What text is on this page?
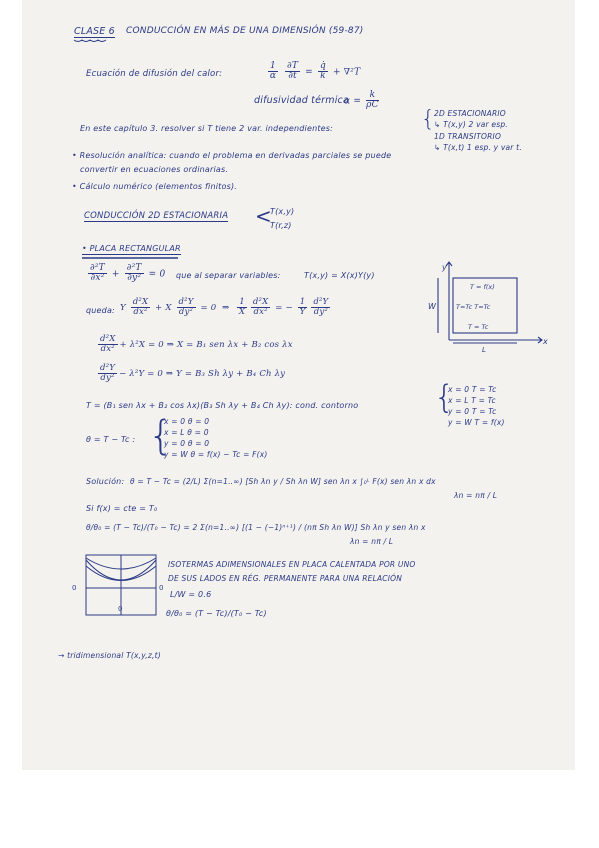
CLASE 6 CONDUCCIÓN EN MÁS DE UNA DIMENSIÓN (59-87)
Ecuación de difusión del calor:	$\frac{1}{\alpha}$
$\frac{\partial T}{\partial t} = \frac{q̇}{k} + \nabla^2T$
difusividad térmica
$\alpha = \frac{k}{\rho C}$
En este capítulo 3. resolver si T tiene 2 var. independientes:	{
2D ESTACIONARIO
↳ T(x,y) 2 var esp.
1D TRANSITORIO
↳ T(x,t) 1 esp. y var t.
• Resolución analítica: cuando el problema en derivadas parciales se puede
convertir en ecuaciones ordinarias.
• Cálculo numérico (elementos finitos).
CONDUCCIÓN 2D ESTACIONARIA <
T(x,y)
T(r,z)
• PLACA RECTANGULAR
$\frac{\text{∂²T}}{\text{∂x²}} + \frac{\text{∂²T}}{\text{∂y²}} = 0$ que al separar variables:	T(x,y) = X(x)Y(y)
queda: Y $\frac{\text{d²X}}{\text{dx²}} + X \frac{\text{d²Y}}{\text{dy²}} = 0$  ⇒ $\frac{1}{X} \frac{\text{d²X}}{\text{dx²}}$ = − $\frac{1}{Y} \frac{\text{d²Y}}{\text{dy²}}$
$\frac{\text{d²X}}{\text{dx²}} + \lambda^2X = 0$ ⇒ X = B₁ sen λx + B₂ cos λx
$\frac{\text{d²Y}}{\text{dy²}} - \lambda^2Y = 0$ ⇒ Y = B₃ Sh λy + B₄ Ch λy
T = (B₁ sen λx + B₂ cos λx)(B₃ Sh λy + B₄ Ch λy): cond. contorno {
x = 0 T = Tc
x = L T = Tc
y = 0 T = Tc
y = W T = f(x)
θ = T − Tc : {
x = 0 θ = 0
x = L θ = 0
y = 0 θ = 0
y = W θ = f(x) − Tc = F(x)
Solución: θ = T − Tc = (2/L) Σ(n=1..∞) [Sh λn y / Sh λn W] sen λn x ∫₀ᴸ F(x) sen λn x dx
λn = nπ / L
Si f(x) = cte = T₀
θ/θ₀ = (T − Tc)/(T₀ − Tc) = 2 Σ(n=1..∞) [(1 − (−1)ⁿ⁺¹) / (nπ Sh λn W)] Sh λn y sen λn x
λn = nπ / L
ISOTERMAS ADIMENSIONALES EN PLACA CALENTADA POR UNO
DE SUS LADOS EN RÉG. PERMANENTE PARA UNA RELACIÓN
L/W = 0.6
θ/θ₀ = (T − Tc)/(T₀ − Tc)
→ tridimensional T(x,y,z,t)
y
x
W
L
T = f(x)
T=Tc T=Tc
T = Tc
0
0
0
